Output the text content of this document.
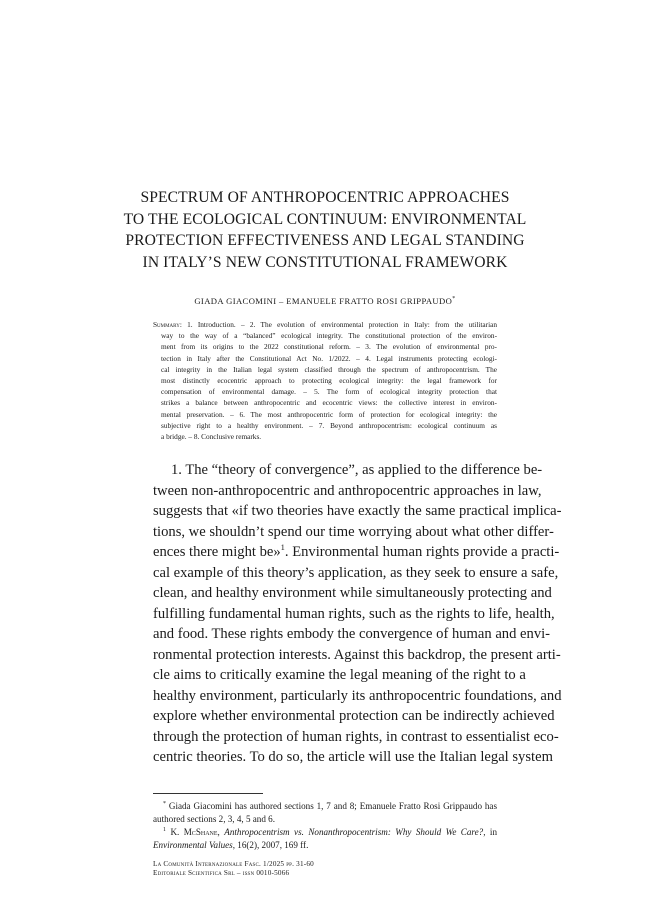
SPECTRUM OF ANTHROPOCENTRIC APPROACHES
TO THE ECOLOGICAL CONTINUUM: ENVIRONMENTAL
PROTECTION EFFECTIVENESS AND LEGAL STANDING
IN ITALY’S NEW CONSTITUTIONAL FRAMEWORK
GIADA GIACOMINI – EMANUELE FRATTO ROSI GRIPPAUDO*
Summary: 1. Introduction. – 2. The evolution of environmental protection in Italy: from the utilitarian
way to the way of a “balanced” ecological integrity. The constitutional protection of the environ-
ment from its origins to the 2022 constitutional reform. – 3. The evolution of environmental pro-
tection in Italy after the Constitutional Act No. 1/2022. – 4. Legal instruments protecting ecologi-
cal integrity in the Italian legal system classified through the spectrum of anthropocentrism. The
most distinctly ecocentric approach to protecting ecological integrity: the legal framework for
compensation of environmental damage. – 5. The form of ecological integrity protection that
strikes a balance between anthropocentric and ecocentric views: the collective interest in environ-
mental preservation. – 6. The most anthropocentric form of protection for ecological integrity: the
subjective right to a healthy environment. – 7. Beyond anthropocentrism: ecological continuum as
a bridge. – 8. Conclusive remarks.
1. The “theory of convergence”, as applied to the difference be-
tween non-anthropocentric and anthropocentric approaches in law,
suggests that «if two theories have exactly the same practical implica-
tions, we shouldn’t spend our time worrying about what other differ-
ences there might be»$^1$. Environmental human rights provide a practi-
cal example of this theory’s application, as they seek to ensure a safe,
clean, and healthy environment while simultaneously protecting and
fulfilling fundamental human rights, such as the rights to life, health,
and food. These rights embody the convergence of human and envi-
ronmental protection interests. Against this backdrop, the present arti-
cle aims to critically examine the legal meaning of the right to a
healthy environment, particularly its anthropocentric foundations, and
explore whether environmental protection can be indirectly achieved
through the protection of human rights, in contrast to essentialist eco-
centric theories. To do so, the article will use the Italian legal system
* Giada Giacomini has authored sections 1, 7 and 8; Emanuele Fratto Rosi Grippaudo has
authored sections 2, 3, 4, 5 and 6.
$^1$ K. McShane, Anthropocentrism vs. Nonanthropocentrism: Why Should We Care?, in
Environmental Values, 16(2), 2007, 169 ff.
La Comunità Internazionale Fasc. 1/2025 pp. 31-60
Editoriale Scientifica Srl – issn 0010-5066
